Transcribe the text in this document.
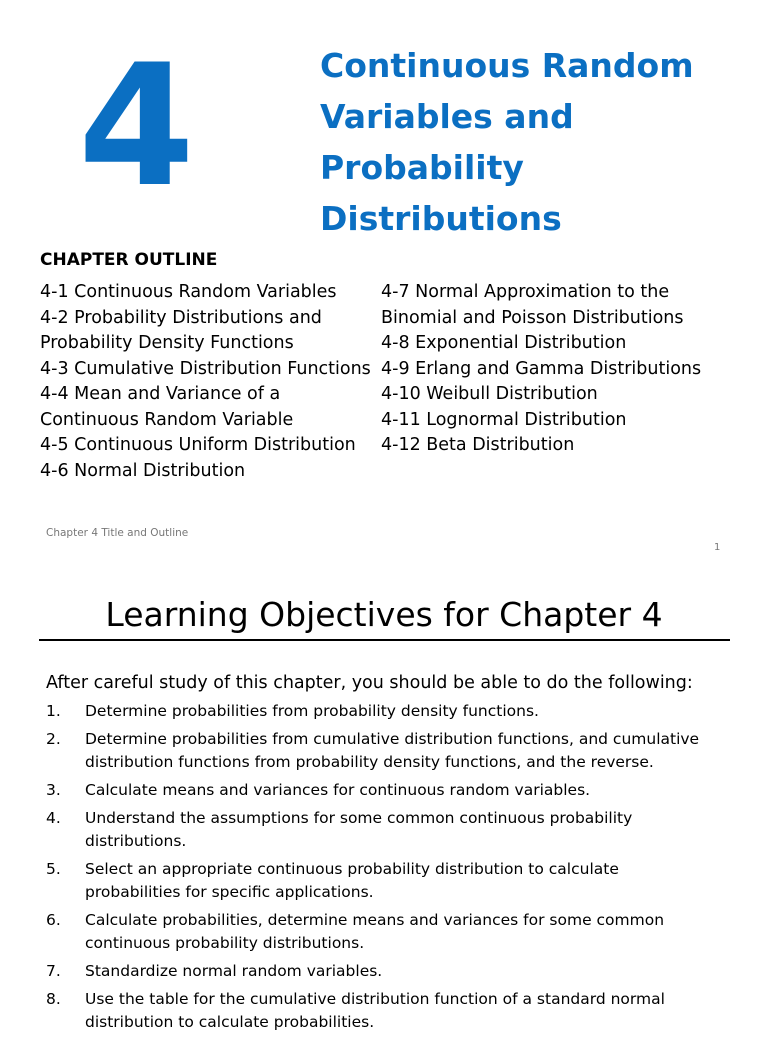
4	Continuous Random
Variables and
Probability
Distributions
CHAPTER OUTLINE
4-1 Continuous Random Variables
4-2 Probability Distributions and
Probability Density Functions
4-3 Cumulative Distribution Functions
4-4 Mean and Variance of a
Continuous Random Variable
4-5 Continuous Uniform Distribution
4-6 Normal Distribution
4-7 Normal Approximation to the
Binomial and Poisson Distributions
4-8 Exponential Distribution
4-9 Erlang and Gamma Distributions
4-10 Weibull Distribution
4-11 Lognormal Distribution
4-12 Beta Distribution
Chapter 4 Title and Outline
1
Learning Objectives for Chapter 4
After careful study of this chapter, you should be able to do the following:
1. Determine probabilities from probability density functions.
2. Determine probabilities from cumulative distribution functions, and cumulative
distribution functions from probability density functions, and the reverse.
3. Calculate means and variances for continuous random variables.
4. Understand the assumptions for some common continuous probability
distributions.
5. Select an appropriate continuous probability distribution to calculate
probabilities for specific applications.
6. Calculate probabilities, determine means and variances for some common
continuous probability distributions.
7. Standardize normal random variables.
8. Use the table for the cumulative distribution function of a standard normal
distribution to calculate probabilities.
